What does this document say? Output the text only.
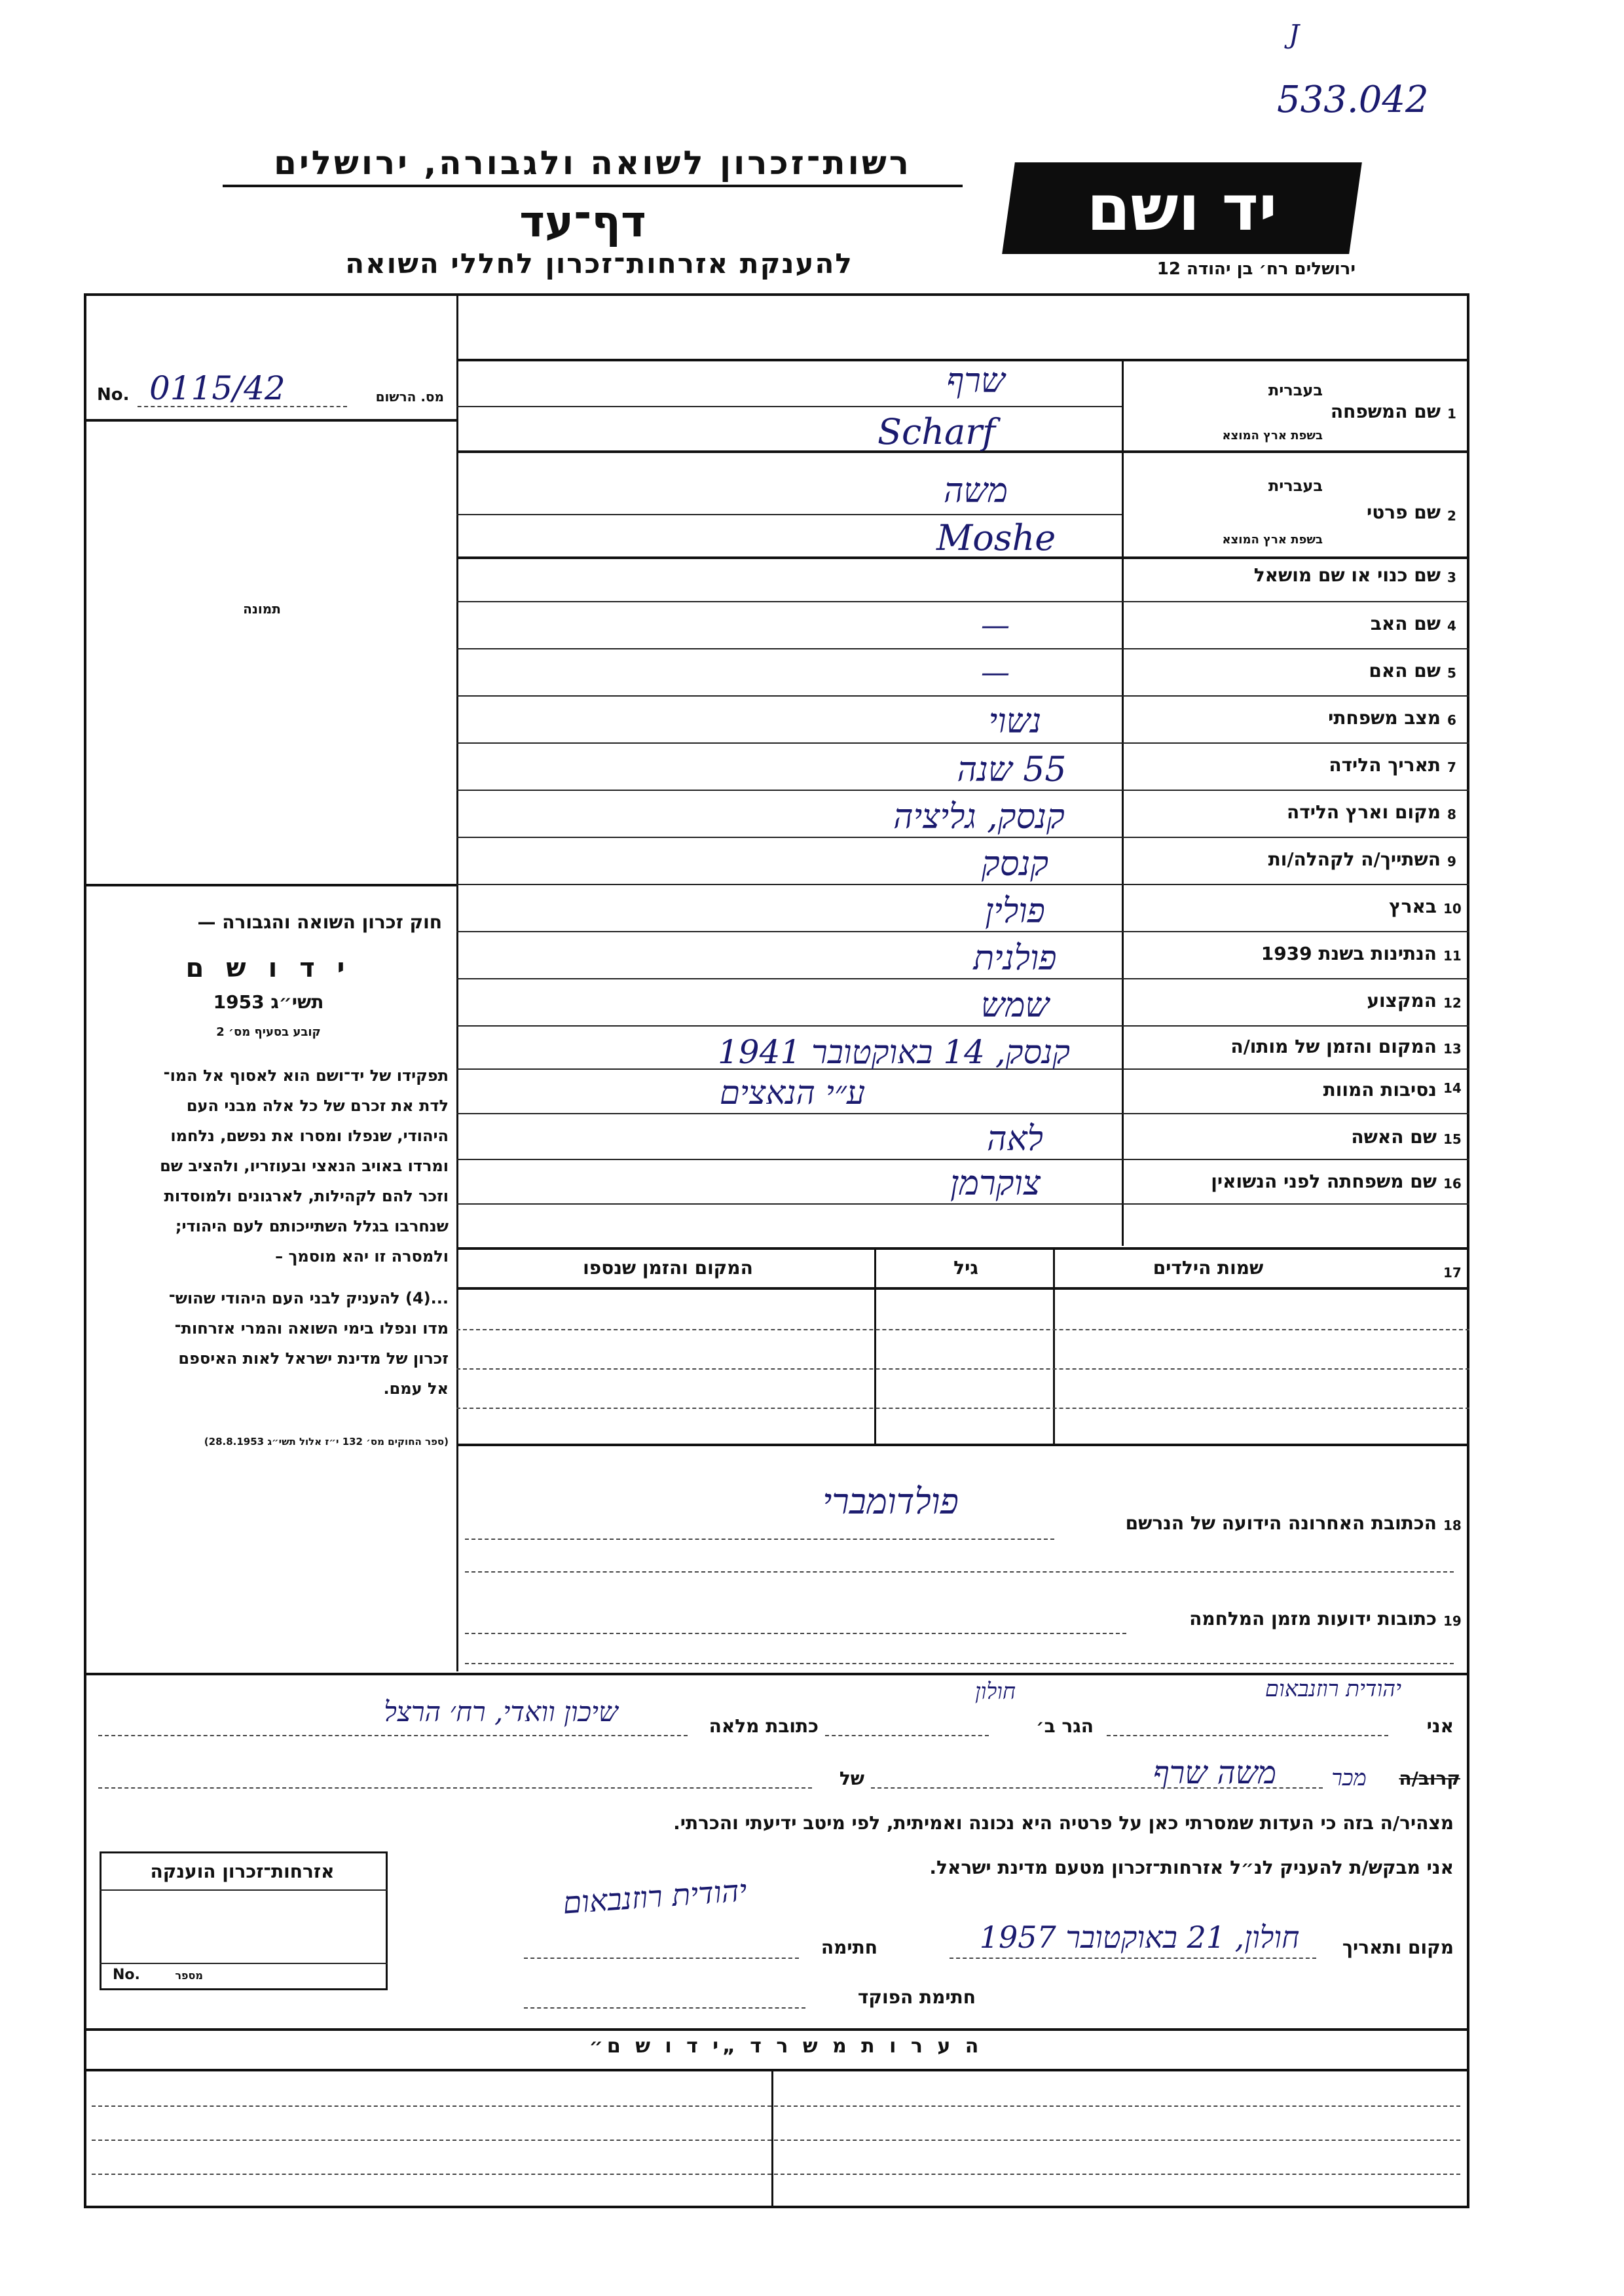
J
533.042
רשות־זכרון לשואה ולגבורה, ירושלים
דף־עד
להענקת אזרחות־זכרון לחללי השואה
יד ושם
ירושלים רח׳ בן יהודה 12
No. 0115/42	מס. הרשום
תמונה
חוק זכרון השואה והגבורה —
י ד ו ש ם
תשי״ג 1953
קובע בסעיף מס׳ 2
תפקידו של יד־ושם הוא לאסוף אל המו־
לדת את זכרם של כל אלה מבני העם
היהודי, שנפלו ומסרו את נפשם, נלחמו
ומרדו באויב הנאצי ובעוזריו, ולהציב שם
וזכר להם לקהילות, לארגונים ולמוסדות
שנחרבו בגלל השתייכותם לעם היהודי;
ולמסרה זו יהא מוסמך –
...(4) להעניק לבני העם היהודי שהוש־
מדו ונפלו בימי השואה והמרי אזרחות־
זכרון של מדינת ישראל לאות האיספם
אל עמם.
(ספר החוקים מס׳ 132 י״ז אלול תשי״ג 28.8.1953)
1
שם המשפחה
בעברית
בשפת ארץ המוצא
2
שם פרטי
בעברית
בשפת ארץ המוצא
3
שם כנוי או שם מושאל
4
שם האב
5
שם האם
6
מצב משפחתי
7
תאריך הלידה
8
מקום וארץ הלידה
9
השתייך/ה לקהלה/ות
10
בארץ
11
הנתינות בשנת 1939
12
המקצוע
13
המקום והזמן של מותו/ה
14
נסיבות המוות
15
שם האשה
16
שם משפחתה לפני הנשואין
שרף
Scharf
משה
Moshe
—
—
נשוי
55 שנה
קנסק, גליציה
קנסק
פולין
פולנית
שמש
קנסק, 14 באוקטובר 1941
ע״י הנאצים
לאה
צוקרמן
17
שמות הילדים
גיל
המקום והזמן שנספו
18
הכתובת האחרונה הידועה של הנרשם
פולדומברי
19
כתובות ידועות מזמן המלחמה
אני
יהודית רוזנבאום
הגר ב׳
חולון
כתובת מלאה
שיכון וואדי, רח׳ הרצל
קרוב/ה
מכר
משה שרף
של
מצהיר/ה בזה כי העדות שמסרתי כאן על פרטיה היא נכונה ואמיתית, לפי מיטב ידיעתי והכרתי.
אני מבקש/ת להעניק לנ״ל אזרחות־זכרון מטעם מדינת ישראל.
מקום ותאריך
חולון, 21 באוקטובר 1957
חתימה
יהודית רוזנבאום
חתימת הפוקד
אזרחות־זכרון הוענקה
No.	מספר
ה ע ר ו ת מ ש ר ד „י ד ו ש ם״
